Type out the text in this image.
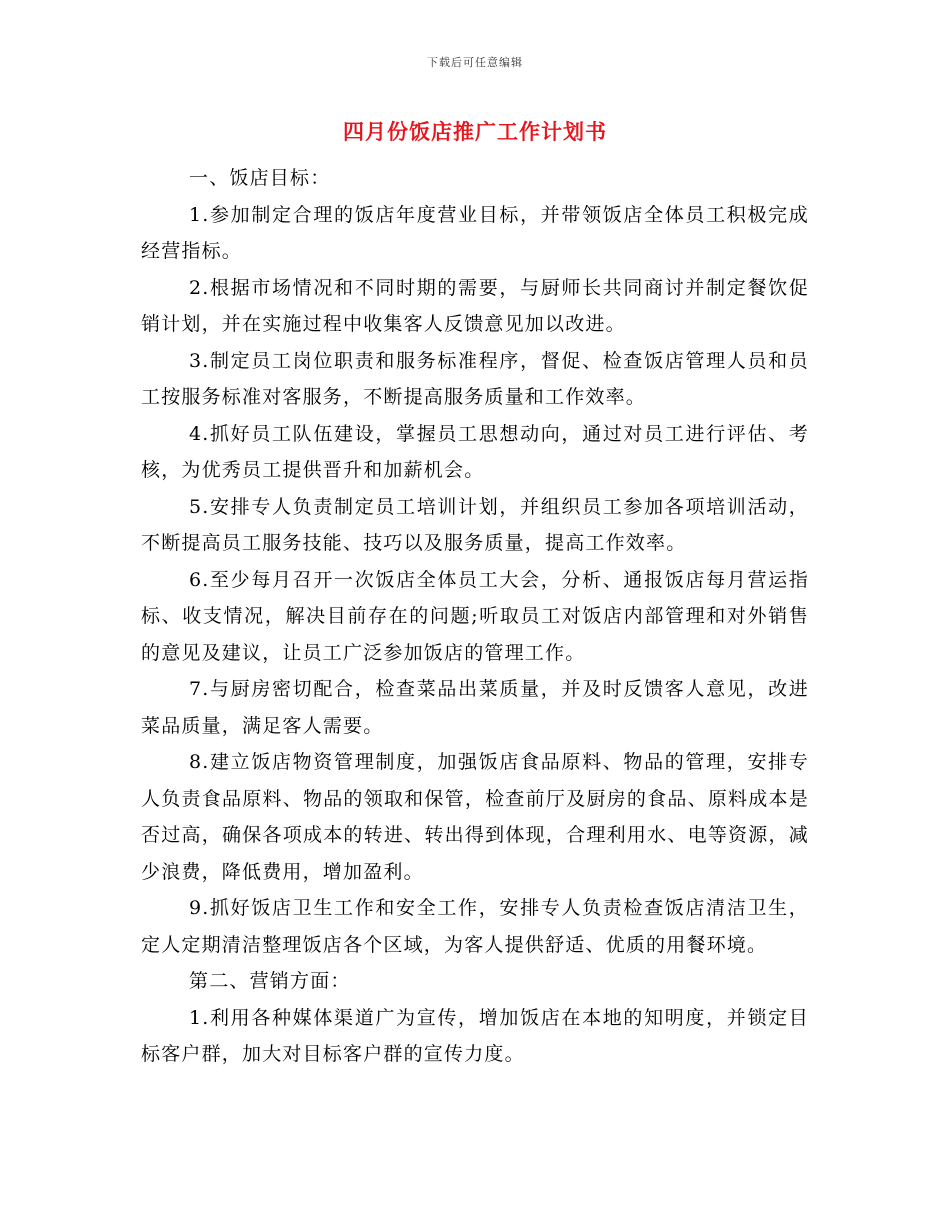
下载后可任意编辑
四月份饭店推广工作计划书

一、饭店目标：

1.参加制定合理的饭店年度营业目标，并带领饭店全体员工积极完成经营指标。

2.根据市场情况和不同时期的需要，与厨师长共同商讨并制定餐饮促销计划，并在实施过程中收集客人反馈意见加以改进。

3.制定员工岗位职责和服务标准程序，督促、检查饭店管理人员和员工按服务标准对客服务，不断提高服务质量和工作效率。

4.抓好员工队伍建设，掌握员工思想动向，通过对员工进行评估、考核，为优秀员工提供晋升和加薪机会。

5.安排专人负责制定员工培训计划，并组织员工参加各项培训活动，不断提高员工服务技能、技巧以及服务质量，提高工作效率。

6.至少每月召开一次饭店全体员工大会，分析、通报饭店每月营运指标、收支情况，解决目前存在的问题;听取员工对饭店内部管理和对外销售的意见及建议，让员工广泛参加饭店的管理工作。

7.与厨房密切配合，检查菜品出菜质量，并及时反馈客人意见，改进菜品质量，满足客人需要。

8.建立饭店物资管理制度，加强饭店食品原料、物品的管理，安排专人负责食品原料、物品的领取和保管，检查前厅及厨房的食品、原料成本是否过高，确保各项成本的转进、转出得到体现，合理利用水、电等资源，减少浪费，降低费用，增加盈利。

9.抓好饭店卫生工作和安全工作，安排专人负责检查饭店清洁卫生，定人定期清洁整理饭店各个区域，为客人提供舒适、优质的用餐环境。

第二、营销方面：

1.利用各种媒体渠道广为宣传，增加饭店在本地的知明度，并锁定目标客户群，加大对目标客户群的宣传力度。
